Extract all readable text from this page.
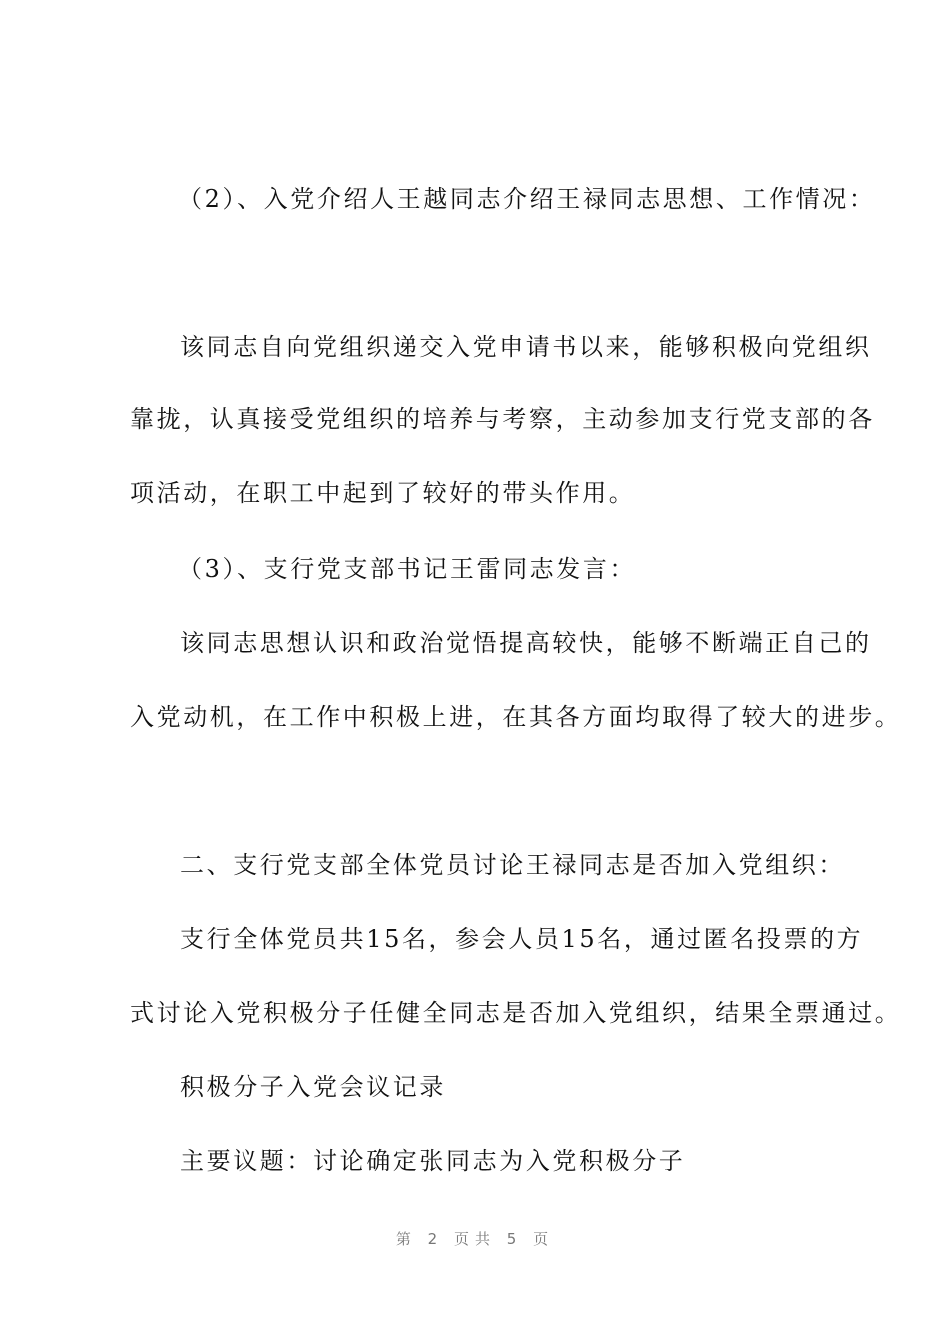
（2）、入党介绍人王越同志介绍王禄同志思想、工作情况：
该同志自向党组织递交入党申请书以来，能够积极向党组织
靠拢，认真接受党组织的培养与考察，主动参加支行党支部的各
项活动，在职工中起到了较好的带头作用。
（3）、支行党支部书记王雷同志发言：
该同志思想认识和政治觉悟提高较快，能够不断端正自己的
入党动机，在工作中积极上进，在其各方面均取得了较大的进步。
二、支行党支部全体党员讨论王禄同志是否加入党组织：
支行全体党员共15名，参会人员15名，通过匿名投票的方
式讨论入党积极分子任健全同志是否加入党组织，结果全票通过。
积极分子入党会议记录
主要议题：讨论确定张同志为入党积极分子
第 2 页共 5 页
